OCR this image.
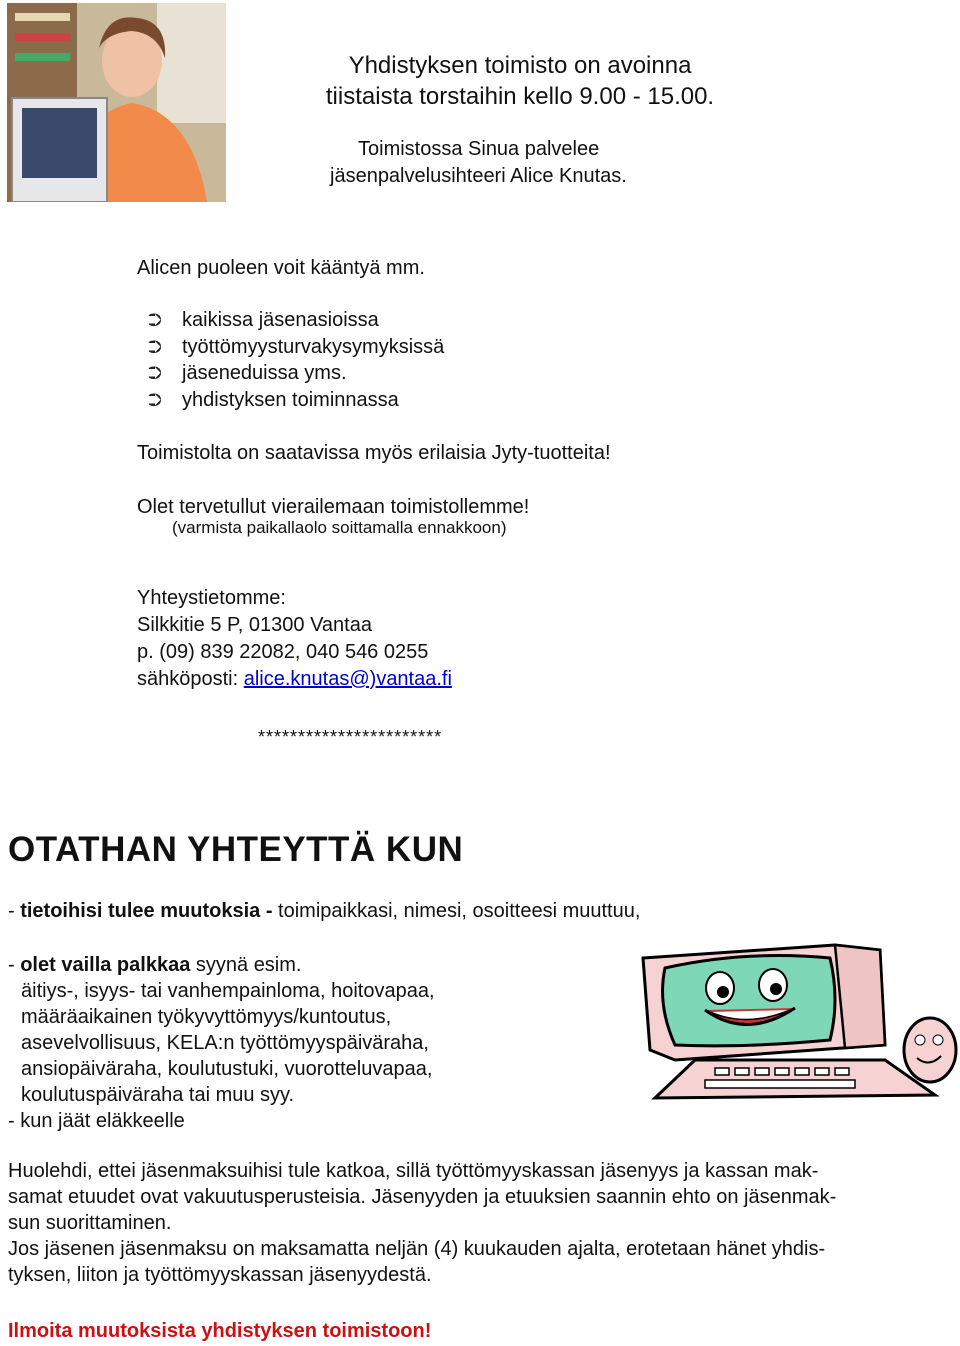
Yhdistyksen toimisto on avoinna
tiistaista torstaihin kello 9.00 - 15.00.
Toimistossa Sinua palvelee
jäsenpalvelusihteeri Alice Knutas.
Alicen puoleen voit kääntyä mm.
⮊	kaikissa jäsenasioissa
⮊	työttömyysturvakysymyksissä
⮊	jäseneduissa yms.
⮊	yhdistyksen toiminnassa
Toimistolta on saatavissa myös erilaisia Jyty-tuotteita!
Olet tervetullut vierailemaan toimistollemme!
(varmista paikallaolo soittamalla ennakkoon)
Yhteystietomme:
Silkkitie 5 P, 01300 Vantaa
p. (09) 839 22082, 040 546 0255
sähköposti: alice.knutas@)vantaa.fi
***********************
OTATHAN YHTEYTTÄ KUN
- tietoihisi tulee muutoksia - toimipaikkasi, nimesi, osoitteesi muuttuu,
- olet vailla palkkaa syynä esim.
äitiys-, isyys- tai vanhempainloma, hoitovapaa,
määräaikainen työkyvyttömyys/kuntoutus,
asevelvollisuus, KELA:n työttömyyspäiväraha,
ansiopäiväraha, koulutustuki, vuorotteluvapaa,
koulutuspäiväraha tai muu syy.
- kun jäät eläkkeelle
Huolehdi, ettei jäsenmaksuihisi tule katkoa, sillä työttömyyskassan jäsenyys ja kassan mak-
samat etuudet ovat vakuutusperusteisia. Jäsenyyden ja etuuksien saannin ehto on jäsenmak-
sun suorittaminen.
Jos jäsenen jäsenmaksu on maksamatta neljän (4) kuukauden ajalta, erotetaan hänet yhdis-
tyksen, liiton ja työttömyyskassan jäsenyydestä.
Ilmoita muutoksista yhdistyksen toimistoon!
